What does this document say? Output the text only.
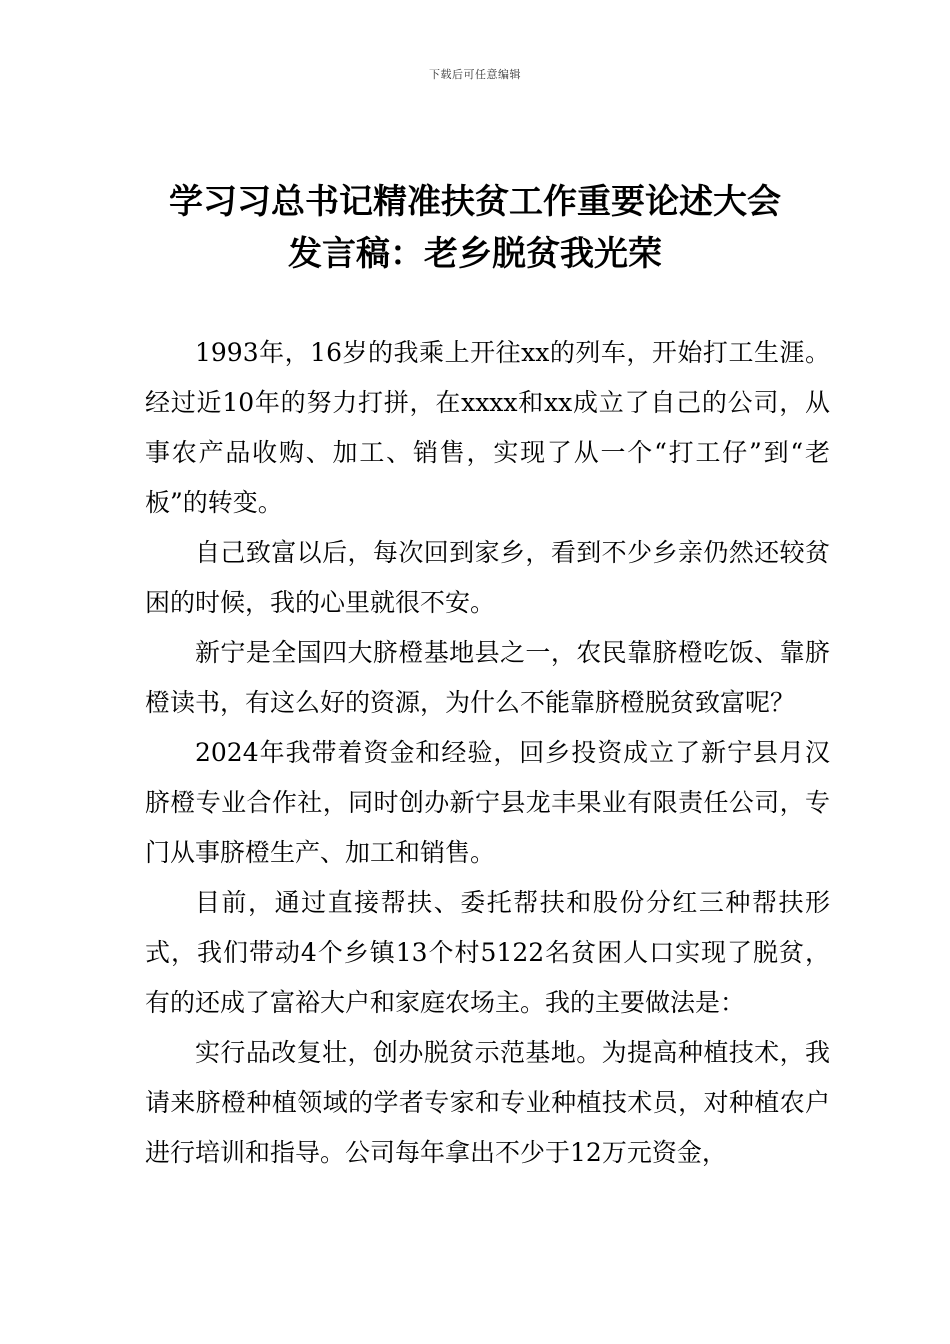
下载后可任意编辑
学习习总书记精准扶贫工作重要论述大会
发言稿：老乡脱贫我光荣

1993年，16岁的我乘上开往xx的列车，开始打工生涯。经过近10年的努力打拼，在xxxx和xx成立了自己的公司，从事农产品收购、加工、销售，实现了从一个“打工仔”到“老板”的转变。

自己致富以后，每次回到家乡，看到不少乡亲仍然还较贫困的时候，我的心里就很不安。

新宁是全国四大脐橙基地县之一，农民靠脐橙吃饭、靠脐橙读书，有这么好的资源，为什么不能靠脐橙脱贫致富呢？

2024年我带着资金和经验，回乡投资成立了新宁县月汉脐橙专业合作社，同时创办新宁县龙丰果业有限责任公司，专门从事脐橙生产、加工和销售。

目前，通过直接帮扶、委托帮扶和股份分红三种帮扶形式，我们带动4个乡镇13个村5122名贫困人口实现了脱贫，有的还成了富裕大户和家庭农场主。我的主要做法是：

实行品改复壮，创办脱贫示范基地。为提高种植技术，我请来脐橙种植领域的学者专家和专业种植技术员，对种植农户进行培训和指导。公司每年拿出不少于12万元资金，
